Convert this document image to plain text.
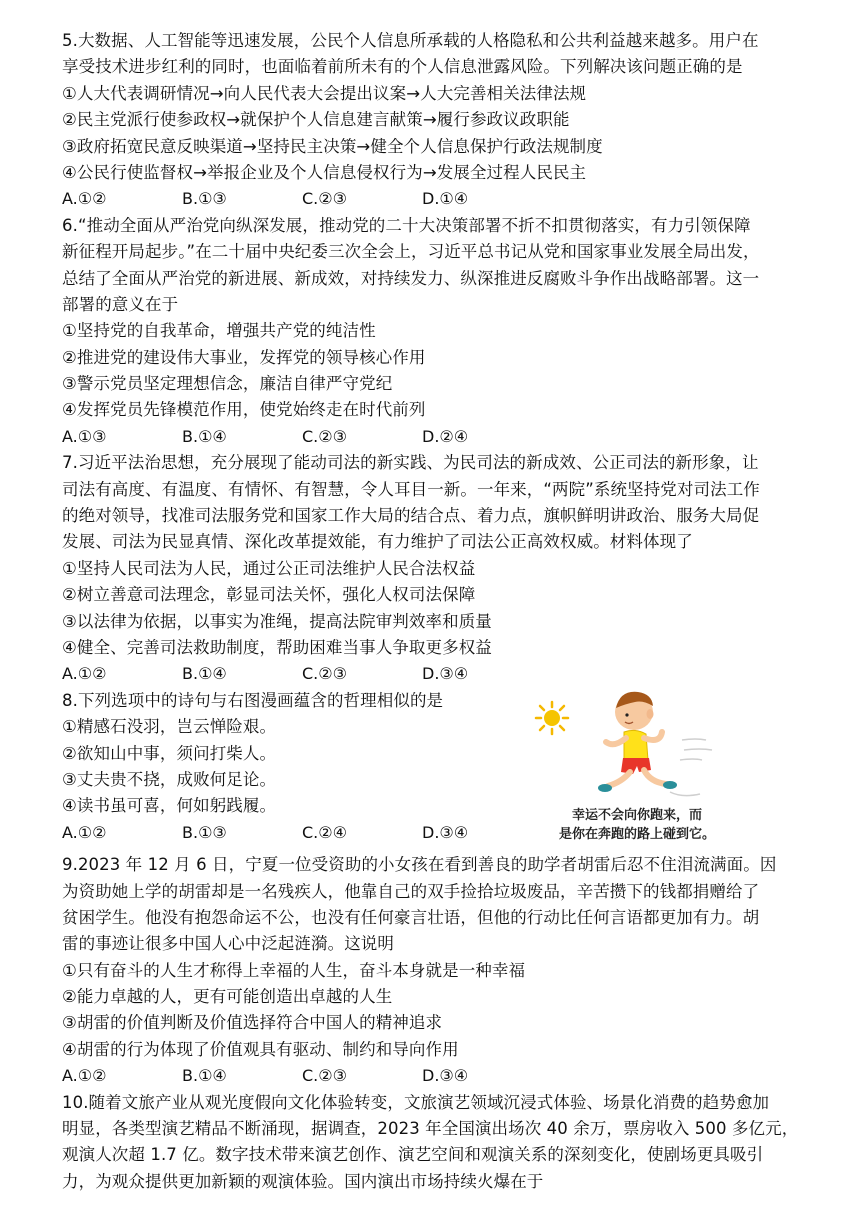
5.大数据、人工智能等迅速发展，公民个人信息所承载的人格隐私和公共利益越来越多。用户在
享受技术进步红利的同时，也面临着前所未有的个人信息泄露风险。下列解决该问题正确的是
①人大代表调研情况→向人民代表大会提出议案→人大完善相关法律法规
②民主党派行使参政权→就保护个人信息建言献策→履行参政议政职能
③政府拓宽民意反映渠道→坚持民主决策→健全个人信息保护行政法规制度
④公民行使监督权→举报企业及个人信息侵权行为→发展全过程人民民主
A.①②	B.①③	C.②③	D.①④
6.“推动全面从严治党向纵深发展，推动党的二十大决策部署不折不扣贯彻落实，有力引领保障
新征程开局起步。”在二十届中央纪委三次全会上，习近平总书记从党和国家事业发展全局出发，
总结了全面从严治党的新进展、新成效，对持续发力、纵深推进反腐败斗争作出战略部署。这一
部署的意义在于
①坚持党的自我革命，增强共产党的纯洁性
②推进党的建设伟大事业，发挥党的领导核心作用
③警示党员坚定理想信念，廉洁自律严守党纪
④发挥党员先锋模范作用，使党始终走在时代前列
A.①③	B.①④	C.②③	D.②④
7.习近平法治思想，充分展现了能动司法的新实践、为民司法的新成效、公正司法的新形象，让
司法有高度、有温度、有情怀、有智慧，令人耳目一新。一年来，“两院”系统坚持党对司法工作
的绝对领导，找准司法服务党和国家工作大局的结合点、着力点，旗帜鲜明讲政治、服务大局促
发展、司法为民显真情、深化改革提效能，有力维护了司法公正高效权威。材料体现了
①坚持人民司法为人民，通过公正司法维护人民合法权益
②树立善意司法理念，彰显司法关怀，强化人权司法保障
③以法律为依据，以事实为准绳，提高法院审判效率和质量
④健全、完善司法救助制度，帮助困难当事人争取更多权益
A.①②	B.①④	C.②③	D.③④
8.下列选项中的诗句与右图漫画蕴含的哲理相似的是
①精感石没羽，岂云惮险艰。
②欲知山中事，须问打柴人。
③丈夫贵不挠，成败何足论。
④读书虽可喜，何如躬践履。
A.①②	B.①③	C.②④	D.③④
幸运不会向你跑来，而
是你在奔跑的路上碰到它。
9.2023 年 12 月 6 日，宁夏一位受资助的小女孩在看到善良的助学者胡雷后忍不住泪流满面。因
为资助她上学的胡雷却是一名残疾人，他靠自己的双手捡拾垃圾废品，辛苦攒下的钱都捐赠给了
贫困学生。他没有抱怨命运不公，也没有任何豪言壮语，但他的行动比任何言语都更加有力。胡
雷的事迹让很多中国人心中泛起涟漪。这说明
①只有奋斗的人生才称得上幸福的人生，奋斗本身就是一种幸福
②能力卓越的人，更有可能创造出卓越的人生
③胡雷的价值判断及价值选择符合中国人的精神追求
④胡雷的行为体现了价值观具有驱动、制约和导向作用
A.①②	B.①④	C.②③	D.③④
10.随着文旅产业从观光度假向文化体验转变，文旅演艺领域沉浸式体验、场景化消费的趋势愈加
明显，各类型演艺精品不断涌现，据调查，2023 年全国演出场次 40 余万，票房收入 500 多亿元，
观演人次超 1.7 亿。数字技术带来演艺创作、演艺空间和观演关系的深刻变化，使剧场更具吸引
力，为观众提供更加新颖的观演体验。国内演出市场持续火爆在于
